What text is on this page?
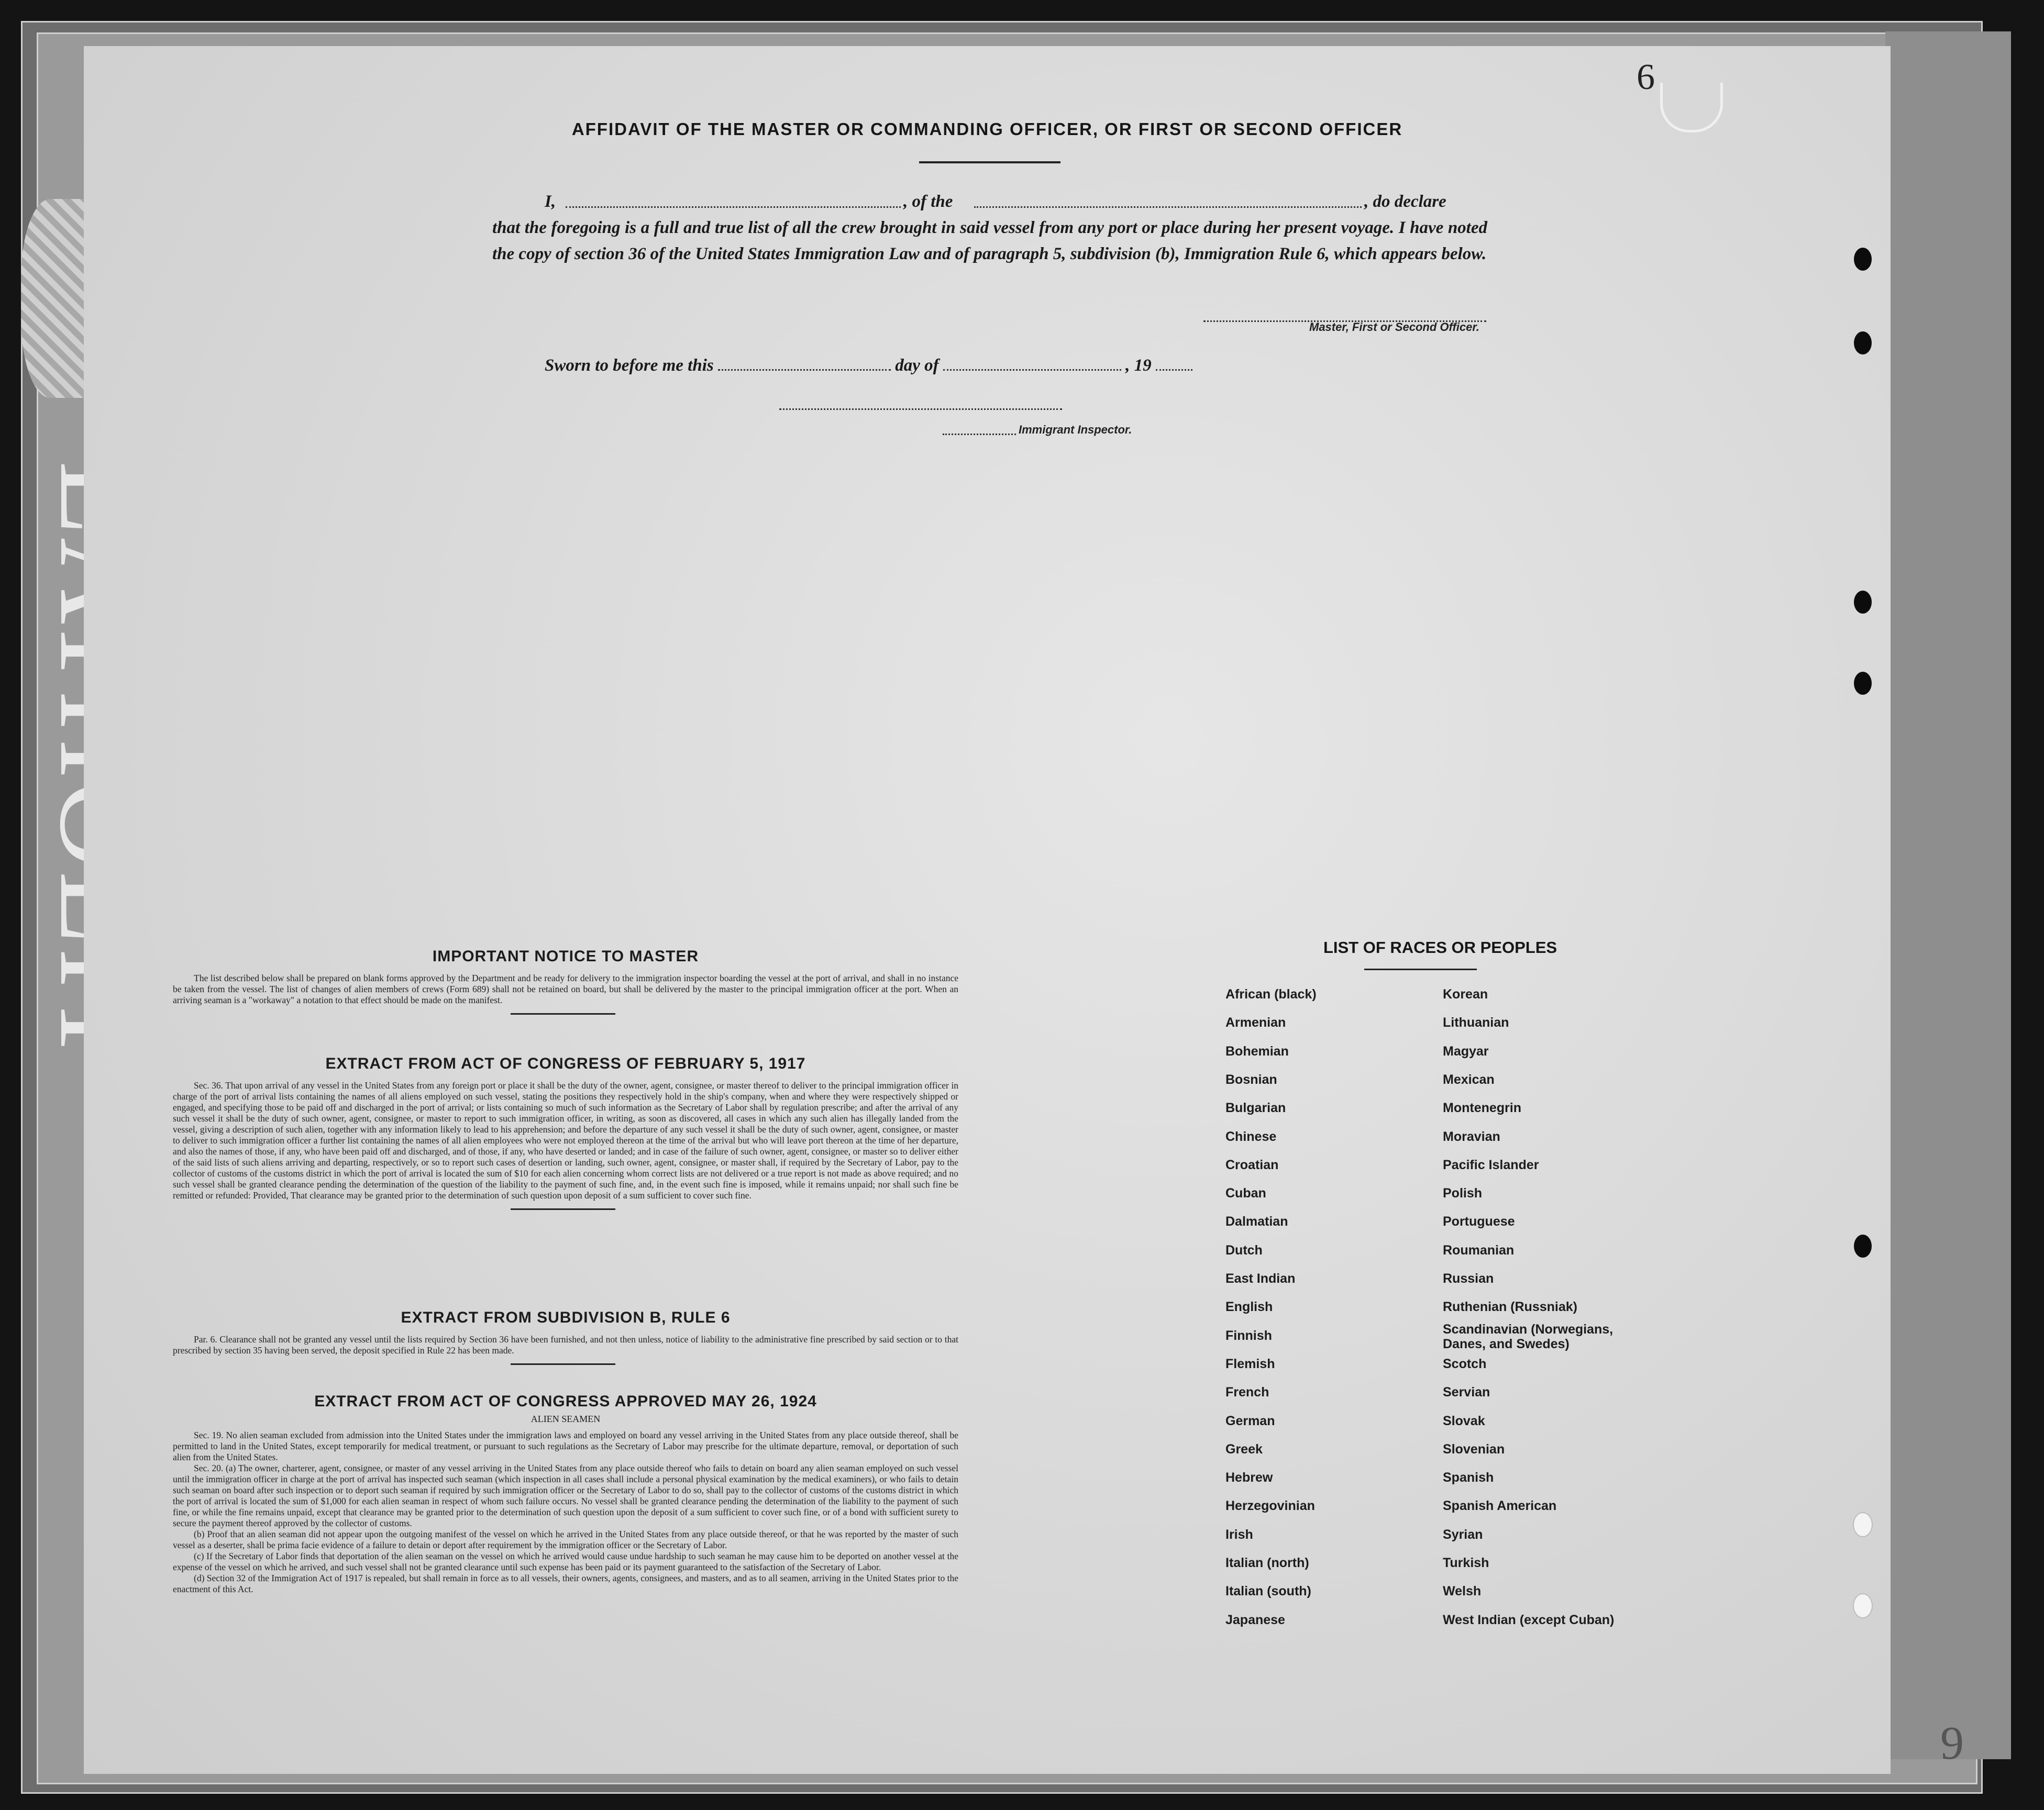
6
9
AFFIDAVIT OF THE MASTER OR COMMANDING OFFICER, OR FIRST OR SECOND OFFICER
I,	, of the	, do declare
that the foregoing is a full and true list of all the crew brought in said vessel from any port or place during her present voyage. I have noted the copy of section 36 of the United States Immigration Law and of paragraph 5, subdivision (b), Immigration Rule 6, which appears below.
Master, First or Second Officer.
Sworn to before me this	day of	, 19
Immigrant Inspector.
IMPORTANT NOTICE TO MASTER

The list described below shall be prepared on blank forms approved by the Department and be ready for delivery to the immigration inspector boarding the vessel at the port of arrival, and shall in no instance be taken from the vessel. The list of changes of alien members of crews (Form 689) shall not be retained on board, but shall be delivered by the master to the principal immigration officer at the port. When an arriving seaman is a "workaway" a notation to that effect should be made on the manifest.

EXTRACT FROM ACT OF CONGRESS OF FEBRUARY 5, 1917

Sec. 36. That upon arrival of any vessel in the United States from any foreign port or place it shall be the duty of the owner, agent, consignee, or master thereof to deliver to the principal immigration officer in charge of the port of arrival lists containing the names of all aliens employed on such vessel, stating the positions they respectively hold in the ship's company, when and where they were respectively shipped or engaged, and specifying those to be paid off and discharged in the port of arrival; or lists containing so much of such information as the Secretary of Labor shall by regulation prescribe; and after the arrival of any such vessel it shall be the duty of such owner, agent, consignee, or master to report to such immigration officer, in writing, as soon as discovered, all cases in which any such alien has illegally landed from the vessel, giving a description of such alien, together with any information likely to lead to his apprehension; and before the departure of any such vessel it shall be the duty of such owner, agent, consignee, or master to deliver to such immigration officer a further list containing the names of all alien employees who were not employed thereon at the time of the arrival but who will leave port thereon at the time of her departure, and also the names of those, if any, who have been paid off and discharged, and of those, if any, who have deserted or landed; and in case of the failure of such owner, agent, consignee, or master so to deliver either of the said lists of such aliens arriving and departing, respectively, or so to report such cases of desertion or landing, such owner, agent, consignee, or master shall, if required by the Secretary of Labor, pay to the collector of customs of the customs district in which the port of arrival is located the sum of $10 for each alien concerning whom correct lists are not delivered or a true report is not made as above required; and no such vessel shall be granted clearance pending the determination of the question of the liability to the payment of such fine, and, in the event such fine is imposed, while it remains unpaid; nor shall such fine be remitted or refunded: Provided, That clearance may be granted prior to the determination of such question upon deposit of a sum sufficient to cover such fine.

EXTRACT FROM SUBDIVISION B, RULE 6

Par. 6. Clearance shall not be granted any vessel until the lists required by Section 36 have been furnished, and not then unless, notice of liability to the administrative fine prescribed by said section or to that prescribed by section 35 having been served, the deposit specified in Rule 22 has been made.

EXTRACT FROM ACT OF CONGRESS APPROVED MAY 26, 1924
ALIEN SEAMEN

Sec. 19. No alien seaman excluded from admission into the United States under the immigration laws and employed on board any vessel arriving in the United States from any place outside thereof, shall be permitted to land in the United States, except temporarily for medical treatment, or pursuant to such regulations as the Secretary of Labor may prescribe for the ultimate departure, removal, or deportation of such alien from the United States.

Sec. 20. (a) The owner, charterer, agent, consignee, or master of any vessel arriving in the United States from any place outside thereof who fails to detain on board any alien seaman employed on such vessel until the immigration officer in charge at the port of arrival has inspected such seaman (which inspection in all cases shall include a personal physical examination by the medical examiners), or who fails to detain such seaman on board after such inspection or to deport such seaman if required by such immigration officer or the Secretary of Labor to do so, shall pay to the collector of customs of the customs district in which the port of arrival is located the sum of $1,000 for each alien seaman in respect of whom such failure occurs. No vessel shall be granted clearance pending the determination of the liability to the payment of such fine, or while the fine remains unpaid, except that clearance may be granted prior to the determination of such question upon the deposit of a sum sufficient to cover such fine, or of a bond with sufficient surety to secure the payment thereof approved by the collector of customs.

(b) Proof that an alien seaman did not appear upon the outgoing manifest of the vessel on which he arrived in the United States from any place outside thereof, or that he was reported by the master of such vessel as a deserter, shall be prima facie evidence of a failure to detain or deport after requirement by the immigration officer or the Secretary of Labor.

(c) If the Secretary of Labor finds that deportation of the alien seaman on the vessel on which he arrived would cause undue hardship to such seaman he may cause him to be deported on another vessel at the expense of the vessel on which he arrived, and such vessel shall not be granted clearance until such expense has been paid or its payment guaranteed to the satisfaction of the Secretary of Labor.

(d) Section 32 of the Immigration Act of 1917 is repealed, but shall remain in force as to all vessels, their owners, agents, consignees, and masters, and as to all seamen, arriving in the United States prior to the enactment of this Act.

LIST OF RACES OR PEOPLES
African (black)	Korean
Armenian	Lithuanian
Bohemian	Magyar
Bosnian	Mexican
Bulgarian	Montenegrin
Chinese	Moravian
Croatian	Pacific Islander
Cuban	Polish
Dalmatian	Portuguese
Dutch	Roumanian
East Indian	Russian
English	Ruthenian (Russniak)
Finnish	Scandinavian (Norwegians, Danes, and Swedes)
Flemish	Scotch
French	Servian
German	Slovak
Greek	Slovenian
Hebrew	Spanish
Herzegovinian	Spanish American
Irish	Syrian
Italian (north)	Turkish
Italian (south)	Welsh
Japanese	West Indian (except Cuban)
